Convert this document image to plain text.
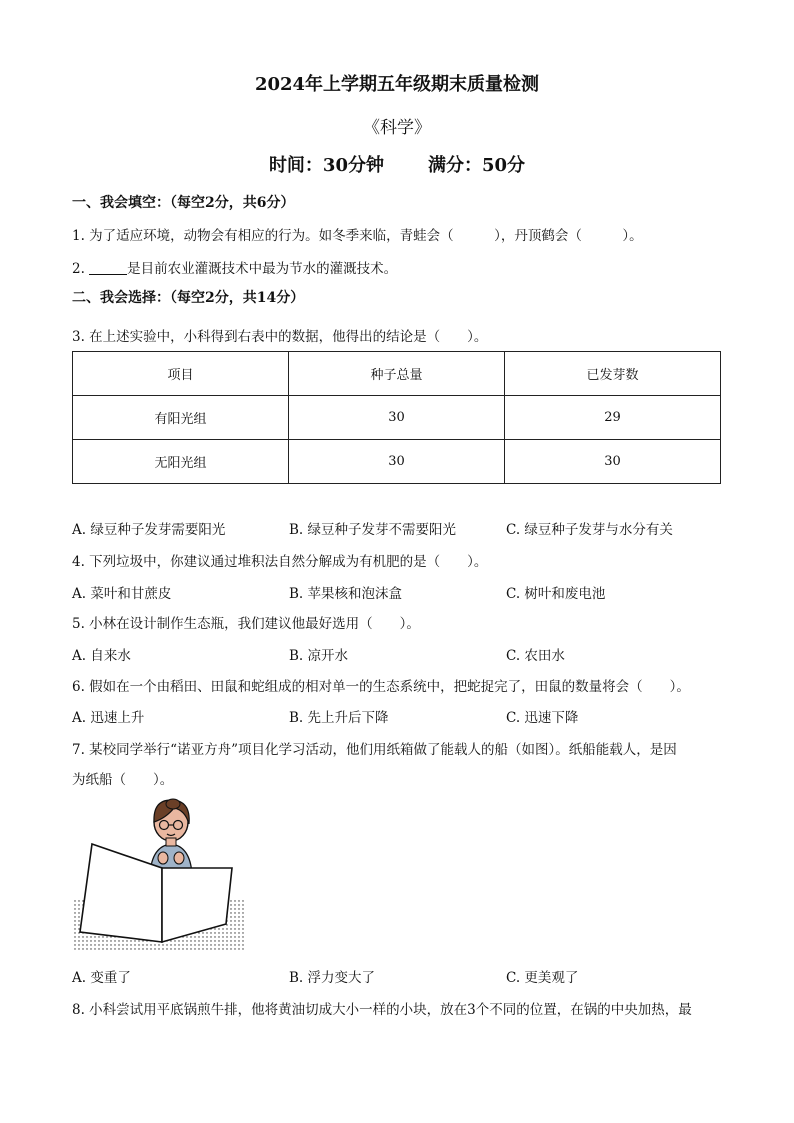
2024年上学期五年级期末质量检测
《科学》
时间：30分钟 满分：50分
一、我会填空：（每空2分，共6分）
1. 为了适应环境，动物会有相应的行为。如冬季来临，青蛙会（　　　），丹顶鹤会（　　　）。
2.	是目前农业灌溉技术中最为节水的灌溉技术。
二、我会选择：（每空2分，共14分）
3. 在上述实验中，小科得到右表中的数据，他得出的结论是（　　）。
项目	种子总量	已发芽数
有阳光组	30	29
无阳光组	30	30
A. 绿豆种子发芽需要阳光	B. 绿豆种子发芽不需要阳光	C. 绿豆种子发芽与水分有关
4. 下列垃圾中，你建议通过堆积法自然分解成为有机肥的是（　　）。
A. 菜叶和甘蔗皮	B. 苹果核和泡沫盒	C. 树叶和废电池
5. 小林在设计制作生态瓶，我们建议他最好选用（　　）。
A. 自来水	B. 凉开水	C. 农田水
6. 假如在一个由稻田、田鼠和蛇组成的相对单一的生态系统中，把蛇捉完了，田鼠的数量将会（　　）。
A. 迅速上升	B. 先上升后下降	C. 迅速下降
7. 某校同学举行“诺亚方舟”项目化学习活动，他们用纸箱做了能载人的船（如图）。纸船能载人，是因
为纸船（　　）。
A. 变重了	B. 浮力变大了	C. 更美观了
8. 小科尝试用平底锅煎牛排，他将黄油切成大小一样的小块，放在3个不同的位置，在锅的中央加热，最
